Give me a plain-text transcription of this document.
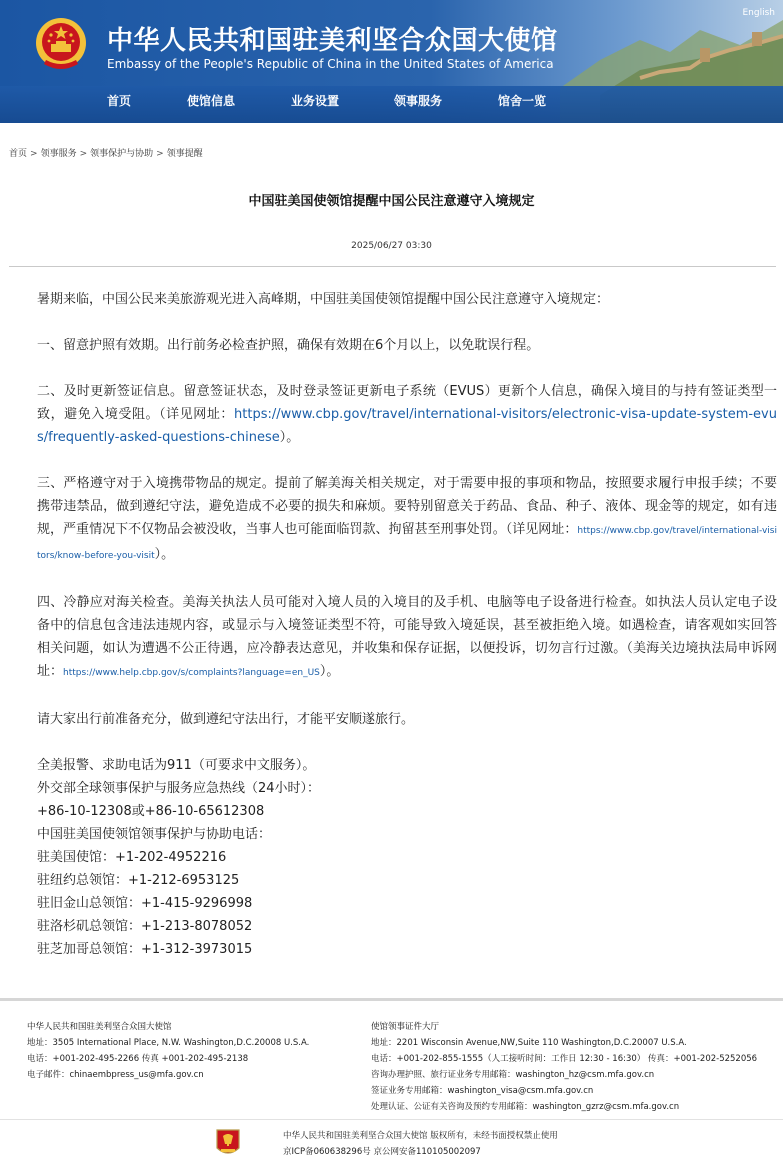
中华人民共和国驻美利坚合众国大使馆
Embassy of the People's Republic of China in the United States of America
English
首页	使馆信息	业务设置	领事服务	馆舍一览
首页 > 领事服务 > 领事保护与协助 > 领事提醒
中国驻美国使领馆提醒中国公民注意遵守入境规定
2025/06/27 03:30

暑期来临，中国公民来美旅游观光进入高峰期，中国驻美国使领馆提醒中国公民注意遵守入境规定：

一、留意护照有效期。出行前务必检查护照，确保有效期在6个月以上，以免耽误行程。

二、及时更新签证信息。留意签证状态，及时登录签证更新电子系统（EVUS）更新个人信息，确保入境目的与持有签证类型一致，避免入境受阻。（详见网址：https://www.cbp.gov/travel/international-visitors/electronic-visa-update-system-evus/frequently-asked-questions-chinese）。

三、严格遵守对于入境携带物品的规定。提前了解美海关相关规定，对于需要申报的事项和物品，按照要求履行申报手续；不要携带违禁品，做到遵纪守法，避免造成不必要的损失和麻烦。要特别留意关于药品、食品、种子、液体、现金等的规定，如有违规，严重情况下不仅物品会被没收，当事人也可能面临罚款、拘留甚至刑事处罚。（详见网址：https://www.cbp.gov/travel/international-visitors/know-before-you-visit）。

四、冷静应对海关检查。美海关执法人员可能对入境人员的入境目的及手机、电脑等电子设备进行检查。如执法人员认定电子设备中的信息包含违法违规内容，或显示与入境签证类型不符，可能导致入境延误，甚至被拒绝入境。如遇检查，请客观如实回答相关问题，如认为遭遇不公正待遇，应冷静表达意见，并收集和保存证据，以便投诉，切勿言行过激。（美海关边境执法局申诉网址：https://www.help.cbp.gov/s/complaints?language=en_US）。

请大家出行前准备充分，做到遵纪守法出行，才能平安顺遂旅行。

全美报警、求助电话为911（可要求中文服务）。

外交部全球领事保护与服务应急热线（24小时）：

+86-10-12308或+86-10-65612308

中国驻美国使领馆领事保护与协助电话：

驻美国使馆：+1-202-4952216

驻纽约总领馆：+1-212-6953125

驻旧金山总领馆：+1-415-9296998

驻洛杉矶总领馆：+1-213-8078052

驻芝加哥总领馆：+1-312-3973015

中华人民共和国驻美利坚合众国大使馆
地址：3505 International Place, N.W. Washington,D.C.20008 U.S.A.
电话：+001-202-495-2266 传真 +001-202-495-2138
电子邮件：chinaembpress_us@mfa.gov.cn
使馆领事证件大厅
地址：2201 Wisconsin Avenue,NW,Suite 110 Washington,D.C.20007 U.S.A.
电话：+001-202-855-1555（人工接听时间：工作日 12:30 - 16:30） 传真：+001-202-5252056
咨询办理护照、旅行证业务专用邮箱：washington_hz@csm.mfa.gov.cn
签证业务专用邮箱：washington_visa@csm.mfa.gov.cn
处理认证、公证有关咨询及预约专用邮箱：washington_gzrz@csm.mfa.gov.cn
中华人民共和国驻美利坚合众国大使馆 版权所有，未经书面授权禁止使用
京ICP备060638296号 京公网安备110105002097
